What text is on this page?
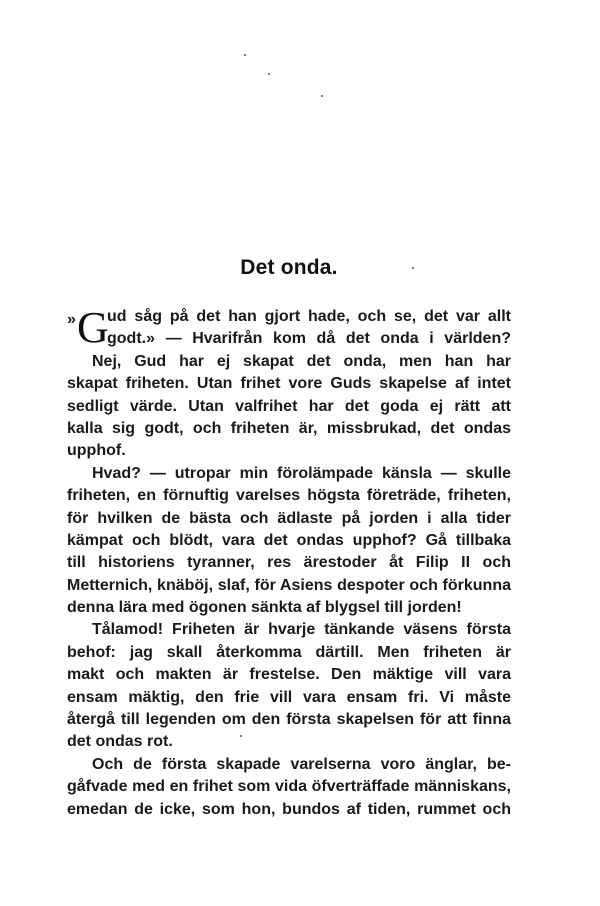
Det onda.
» G
ud såg på det han gjort hade, och se, det var allt
godt.» — Hvarifrån kom då det onda i världen?
Nej, Gud har ej skapat det onda, men han har
skapat friheten. Utan frihet vore Guds skapelse af intet
sedligt värde. Utan valfrihet har det goda ej rätt att
kalla sig godt, och friheten är, missbrukad, det ondas
upphof.
Hvad? — utropar min förolämpade känsla — skulle
friheten, en förnuftig varelses högsta företräde, friheten,
för hvilken de bästa och ädlaste på jorden i alla tider
kämpat och blödt, vara det ondas upphof? Gå tillbaka
till historiens tyranner, res ärestoder åt Filip II och
Metternich, knäböj, slaf, för Asiens despoter och förkunna
denna lära med ögonen sänkta af blygsel till jorden!
Tålamod! Friheten är hvarje tänkande väsens första
behof: jag skall återkomma därtill. Men friheten är
makt och makten är frestelse. Den mäktige vill vara
ensam mäktig, den frie vill vara ensam fri. Vi måste
återgå till legenden om den första skapelsen för att finna
det ondas rot.
Och de första skapade varelserna voro änglar, be-
gåfvade med en frihet som vida öfverträffade människans,
emedan de icke, som hon, bundos af tiden, rummet och
